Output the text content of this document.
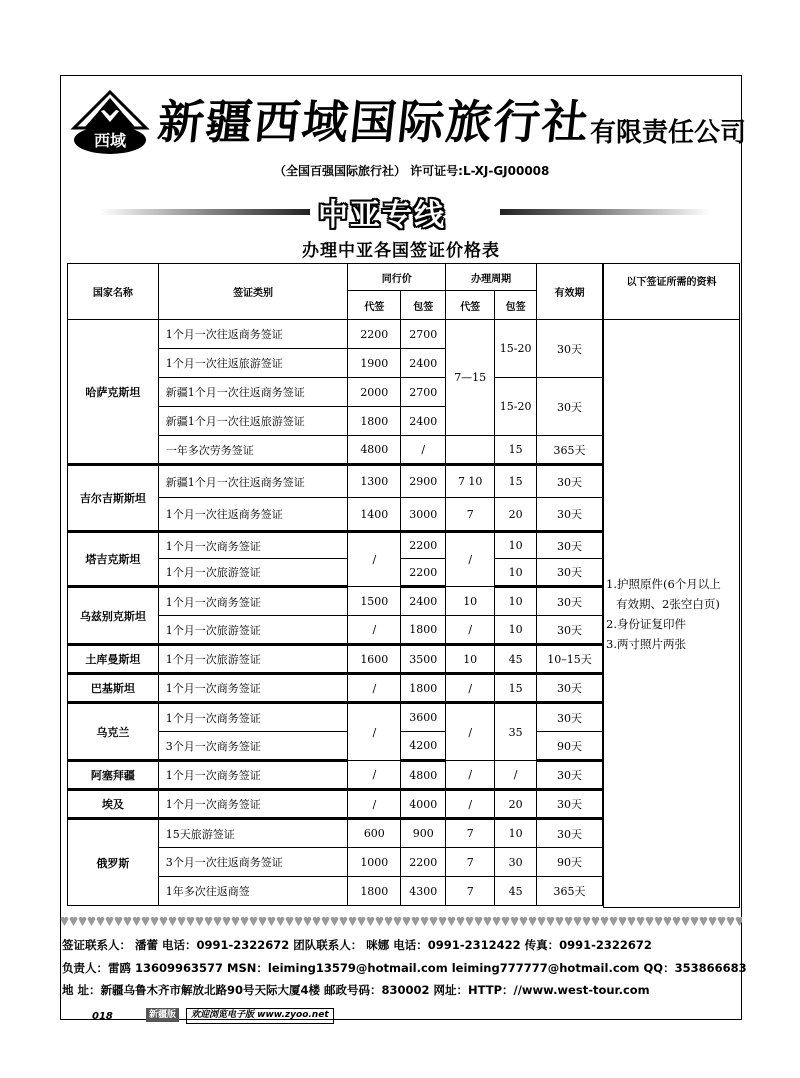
西域 新疆西域国际旅行社
有限责任公司
（全国百强国际旅行社） 许可证号:L-XJ-GJ00008
中亚专线
办理中亚各国签证价格表
国家名称	签证类别	同行价		办理周期		有效期
		代签	包签	代签	包签	
哈萨克斯坦	1个月一次往返商务签证	2200	2700	7—15	15-20	30天
	1个月一次往返旅游签证	1900	2400			
	新疆1个月一次往返商务签证	2000	2700		15-20	30天
	新疆1个月一次往返旅游签证	1800	2400			
	一年多次劳务签证	4800	/		15	365天
吉尔吉斯斯坦	新疆1个月一次往返商务签证	1300	2900	7 10	15	30天
	1个月一次往返商务签证	1400	3000	7	20	30天
塔吉克斯坦	1个月一次商务签证	/	2200	/	10	30天
	1个月一次旅游签证		2200		10	30天
乌兹别克斯坦	1个月一次商务签证	1500	2400	10	10	30天
	1个月一次旅游签证	/	1800	/	10	30天
土库曼斯坦	1个月一次旅游签证	1600	3500	10	45	10–15天
巴基斯坦	1个月一次商务签证	/	1800	/	15	30天
乌克兰	1个月一次商务签证	/	3600	/	35	30天
	3个月一次商务签证		4200			90天
阿塞拜疆	1个月一次商务签证	/	4800	/	/	30天
埃及	1个月一次商务签证	/	4000	/	20	30天
俄罗斯	15天旅游签证	600	900	7	10	30天
	3个月一次往返商务签证	1000	2200	7	30	90天
	1年多次往返商签	1800	4300	7	45	365天
以下签证所需的资料
1.护照原件(6个月以上
有效期、2张空白页)
2.身份证复印件
3.两寸照片两张
签证联系人： 潘蕾 电话：0991-2322672 团队联系人： 咪娜 电话：0991-2312422 传真：0991-2322672
负责人：雷鸥 13609963577 MSN：leiming13579@hotmail.com leiming777777@hotmail.com QQ：353866683
地 址：新疆乌鲁木齐市解放北路90号天际大厦4楼 邮政号码：830002 网址：HTTP：//www.west-tour.com
018	新疆版	欢迎浏览电子版 www.zyoo.net
